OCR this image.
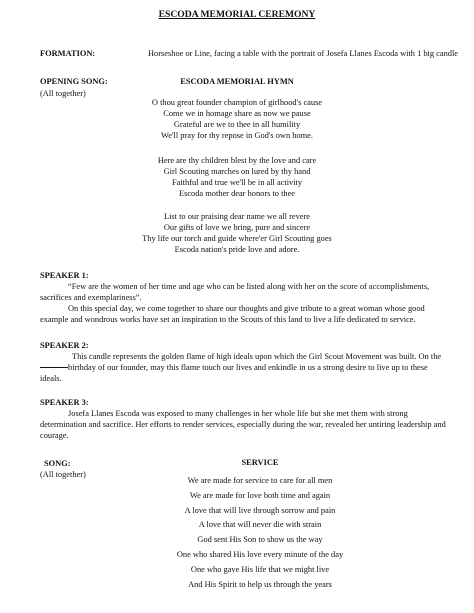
ESCODA MEMORIAL CEREMONY
FORMATION:	Horseshoe or Line, facing a table with the portrait of Josefa Llanes Escoda with 1 big candle
OPENING SONG:
(All together)
ESCODA MEMORIAL HYMN
O thou great founder champion of girlhood's cause
Come we in homage share as now we pause
Grateful are we to thee in all humility
We'll pray for thy repose in God's own home.
Here are thy children blest by the love and care
Girl Scouting marches on lured by thy hand
Faithful and true we'll be in all activity
Escoda mother dear honors to thee
List to our praising dear name we all revere
Our gifts of love we bring, pure and sincere
Thy life our torch and guide where'er Girl Scouting goes
Escoda nation's pride love and adore.
SPEAKER 1:
“Few are the women of her time and age who can be listed along with her on the score of accomplishments,
sacrifices and exemplariness”.
On this special day, we come together to share our thoughts and give tribute to a great woman whose good
example and wondrous works have set an inspiration to the Scouts of this land to live a life dedicated to service.
SPEAKER 2:
This candle represents the golden flame of high ideals upon which the Girl Scout Movement was built. On the
birthday of our founder, may this flame touch our lives and enkindle in us a strong desire to live up to these
ideals.
SPEAKER 3:
Josefa Llanes Escoda was exposed to many challenges in her whole life but she met them with strong
determination and sacrifice. Her efforts to render services, especially during the war, revealed her untiring leadership and
courage.
SONG:
(All together)
SERVICE
We are made for service to care for all men
We are made for love both time and again
A love that will live through sorrow and pain
A love that will never die with strain
God sent His Son to show us the way
One who shared His love every minute of the day
One who gave His life that we might live
And His Spirit to help us through the years
